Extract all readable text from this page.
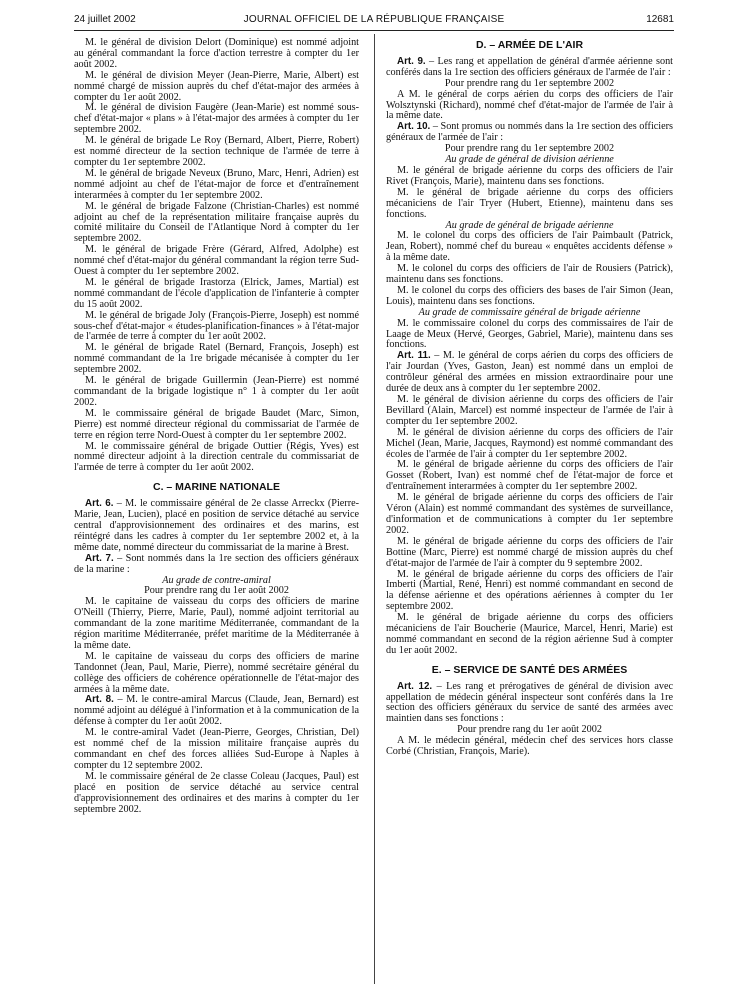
24 juillet 2002	JOURNAL OFFICIEL DE LA RÉPUBLIQUE FRANÇAISE	12681

M. le général de division Delort (Dominique) est nommé adjoint au général commandant la force d'action terrestre à compter du 1er août 2002.

M. le général de division Meyer (Jean-Pierre, Marie, Albert) est nommé chargé de mission auprès du chef d'état-major des armées à compter du 1er août 2002.

M. le général de division Faugère (Jean-Marie) est nommé sous-chef d'état-major « plans » à l'état-major des armées à compter du 1er septembre 2002.

M. le général de brigade Le Roy (Bernard, Albert, Pierre, Robert) est nommé directeur de la section technique de l'armée de terre à compter du 1er septembre 2002.

M. le général de brigade Neveux (Bruno, Marc, Henri, Adrien) est nommé adjoint au chef de l'état-major de force et d'entraînement interarmées à compter du 1er septembre 2002.

M. le général de brigade Falzone (Christian-Charles) est nommé adjoint au chef de la représentation militaire française auprès du comité militaire du Conseil de l'Atlantique Nord à compter du 1er septembre 2002.

M. le général de brigade Frère (Gérard, Alfred, Adolphe) est nommé chef d'état-major du général commandant la région terre Sud-Ouest à compter du 1er septembre 2002.

M. le général de brigade Irastorza (Elrick, James, Martial) est nommé commandant de l'école d'application de l'infanterie à compter du 15 août 2002.

M. le général de brigade Joly (François-Pierre, Joseph) est nommé sous-chef d'état-major « études-planification-finances » à l'état-major de l'armée de terre à compter du 1er août 2002.

M. le général de brigade Ratel (Bernard, François, Joseph) est nommé commandant de la 1re brigade mécanisée à compter du 1er septembre 2002.

M. le général de brigade Guillermin (Jean-Pierre) est nommé commandant de la brigade logistique n° 1 à compter du 1er août 2002.

M. le commissaire général de brigade Baudet (Marc, Simon, Pierre) est nommé directeur régional du commissariat de l'armée de terre en région terre Nord-Ouest à compter du 1er septembre 2002.

M. le commissaire général de brigade Outtier (Régis, Yves) est nommé directeur adjoint à la direction centrale du commissariat de l'armée de terre à compter du 1er août 2002.

C. – MARINE NATIONALE

Art. 6. – M. le commissaire général de 2e classe Arreckx (Pierre-Marie, Jean, Lucien), placé en position de service détaché au service central d'approvisionnement des ordinaires et des marins, est réintégré dans les cadres à compter du 1er septembre 2002 et, à la même date, nommé directeur du commissariat de la marine à Brest.

Art. 7. – Sont nommés dans la 1re section des officiers généraux de la marine :

Au grade de contre-amiral

Pour prendre rang du 1er août 2002

M. le capitaine de vaisseau du corps des officiers de marine O'Neill (Thierry, Pierre, Marie, Paul), nommé adjoint territorial au commandant de la zone maritime Méditerranée, commandant de la région maritime Méditerranée, préfet maritime de la Méditerranée à la même date.

M. le capitaine de vaisseau du corps des officiers de marine Tandonnet (Jean, Paul, Marie, Pierre), nommé secrétaire général du collège des officiers de cohérence opérationnelle de l'état-major des armées à la même date.

Art. 8. – M. le contre-amiral Marcus (Claude, Jean, Bernard) est nommé adjoint au délégué à l'information et à la communication de la défense à compter du 1er août 2002.

M. le contre-amiral Vadet (Jean-Pierre, Georges, Christian, Del) est nommé chef de la mission militaire française auprès du commandant en chef des forces alliées Sud-Europe à Naples à compter du 12 septembre 2002.

M. le commissaire général de 2e classe Coleau (Jacques, Paul) est placé en position de service détaché au service central d'approvisionnement des ordinaires et des marins à compter du 1er septembre 2002.

D. – ARMÉE DE L'AIR

Art. 9. – Les rang et appellation de général d'armée aérienne sont conférés dans la 1re section des officiers généraux de l'armée de l'air :

Pour prendre rang du 1er septembre 2002

A M. le général de corps aérien du corps des officiers de l'air Wolsztynski (Richard), nommé chef d'état-major de l'armée de l'air à la même date.

Art. 10. – Sont promus ou nommés dans la 1re section des officiers généraux de l'armée de l'air :

Pour prendre rang du 1er septembre 2002

Au grade de général de division aérienne

M. le général de brigade aérienne du corps des officiers de l'air Rivet (François, Marie), maintenu dans ses fonctions.

M. le général de brigade aérienne du corps des officiers mécaniciens de l'air Tryer (Hubert, Etienne), maintenu dans ses fonctions.

Au grade de général de brigade aérienne

M. le colonel du corps des officiers de l'air Paimbault (Patrick, Jean, Robert), nommé chef du bureau « enquêtes accidents défense » à la même date.

M. le colonel du corps des officiers de l'air de Rousiers (Patrick), maintenu dans ses fonctions.

M. le colonel du corps des officiers des bases de l'air Simon (Jean, Louis), maintenu dans ses fonctions.

Au grade de commissaire général de brigade aérienne

M. le commissaire colonel du corps des commissaires de l'air de Laage de Meux (Hervé, Georges, Gabriel, Marie), maintenu dans ses fonctions.

Art. 11. – M. le général de corps aérien du corps des officiers de l'air Jourdan (Yves, Gaston, Jean) est nommé dans un emploi de contrôleur général des armées en mission extraordinaire pour une durée de deux ans à compter du 1er septembre 2002.

M. le général de division aérienne du corps des officiers de l'air Bevillard (Alain, Marcel) est nommé inspecteur de l'armée de l'air à compter du 1er septembre 2002.

M. le général de division aérienne du corps des officiers de l'air Michel (Jean, Marie, Jacques, Raymond) est nommé commandant des écoles de l'armée de l'air à compter du 1er septembre 2002.

M. le général de brigade aérienne du corps des officiers de l'air Gosset (Robert, Ivan) est nommé chef de l'état-major de force et d'entraînement interarmées à compter du 1er septembre 2002.

M. le général de brigade aérienne du corps des officiers de l'air Véron (Alain) est nommé commandant des systèmes de surveillance, d'information et de communications à compter du 1er septembre 2002.

M. le général de brigade aérienne du corps des officiers de l'air Bottine (Marc, Pierre) est nommé chargé de mission auprès du chef d'état-major de l'armée de l'air à compter du 9 septembre 2002.

M. le général de brigade aérienne du corps des officiers de l'air Imberti (Martial, René, Henri) est nommé commandant en second de la défense aérienne et des opérations aériennes à compter du 1er septembre 2002.

M. le général de brigade aérienne du corps des officiers mécaniciens de l'air Boucherie (Maurice, Marcel, Henri, Marie) est nommé commandant en second de la région aérienne Sud à compter du 1er août 2002.

E. – SERVICE DE SANTÉ DES ARMÉES

Art. 12. – Les rang et prérogatives de général de division avec appellation de médecin général inspecteur sont conférés dans la 1re section des officiers généraux du service de santé des armées avec maintien dans ses fonctions :

Pour prendre rang du 1er août 2002

A M. le médecin général, médecin chef des services hors classe Corbé (Christian, François, Marie).
